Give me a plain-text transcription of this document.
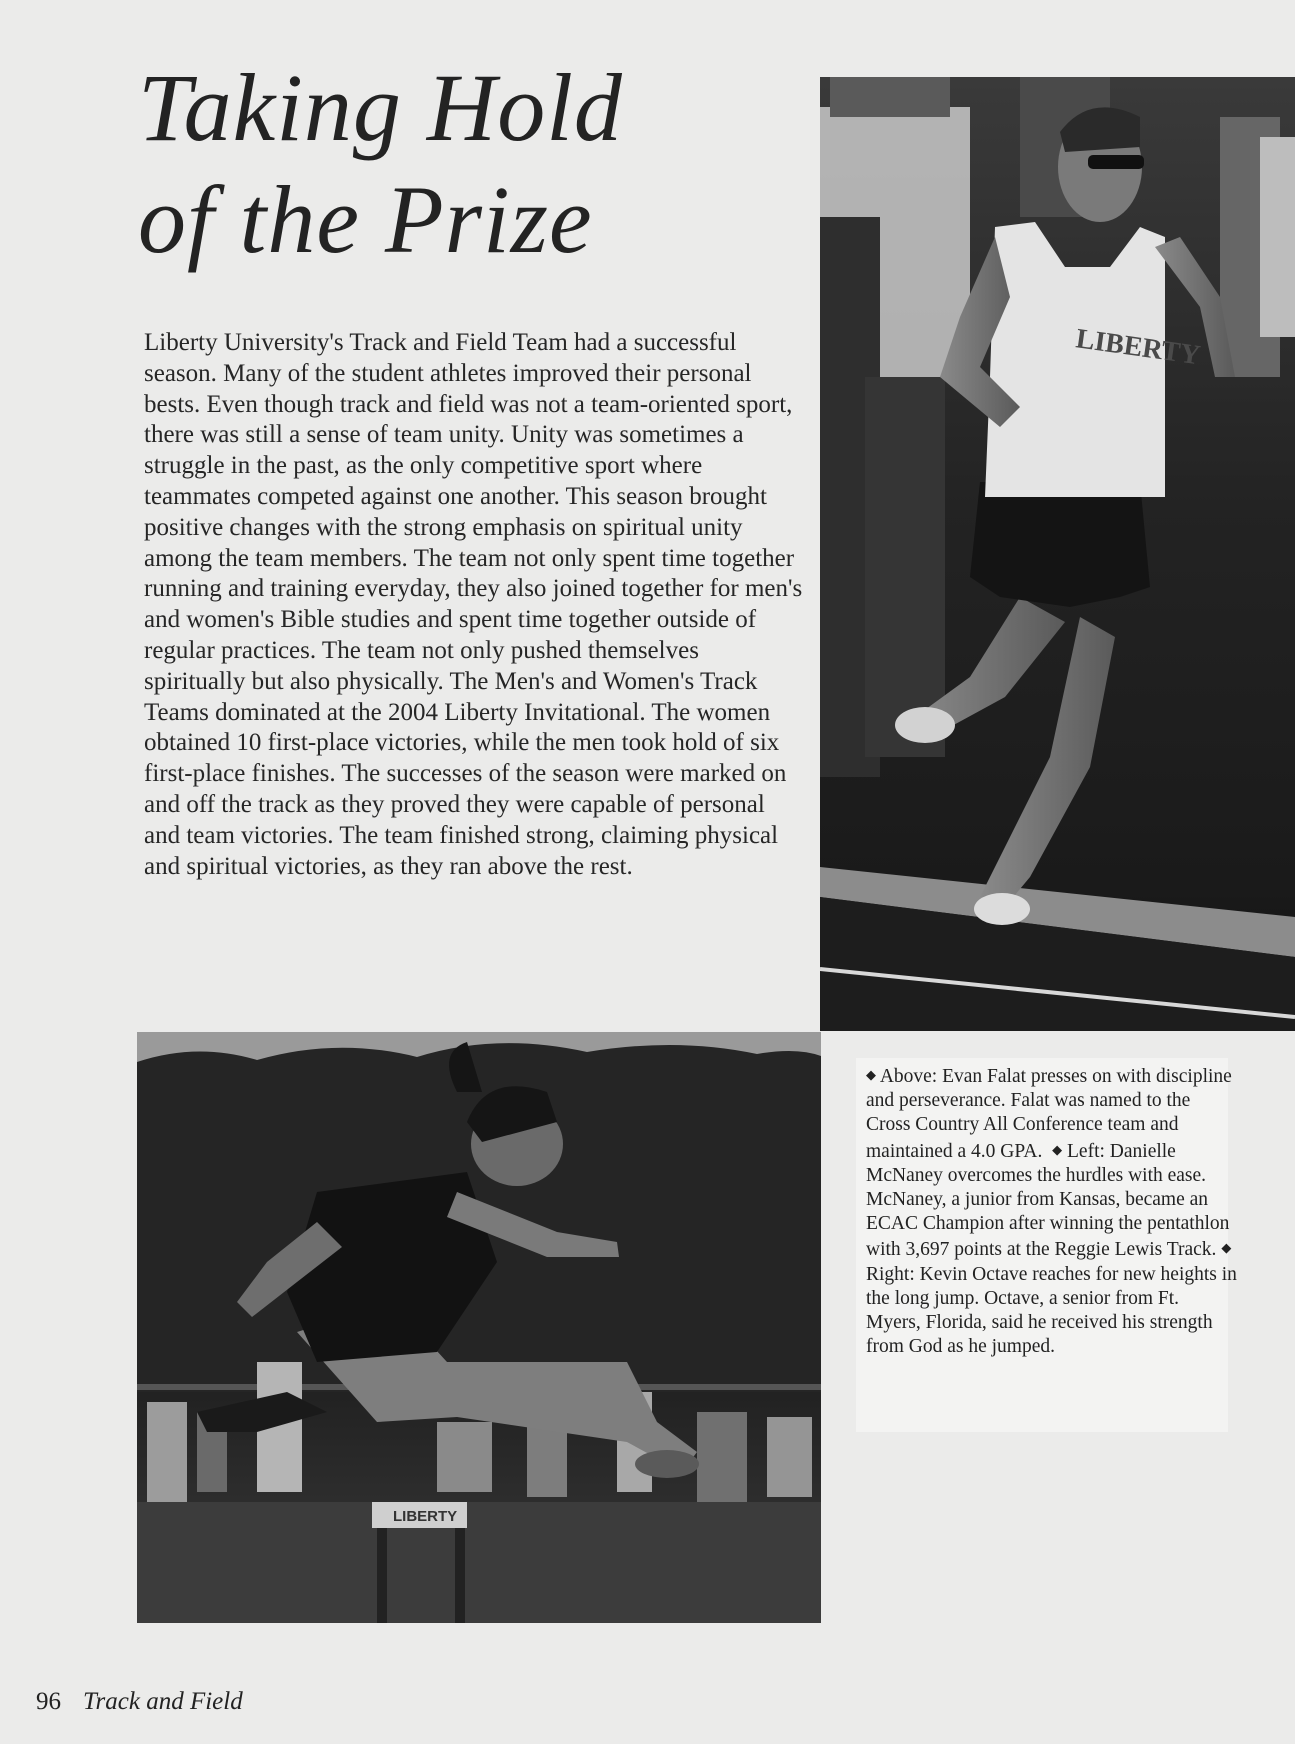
Taking Hold
of the Prize
Liberty University's Track and Field Team had a successful season. Many of the student athletes improved their personal bests. Even though track and field was not a team-oriented sport, there was still a sense of team unity. Unity was sometimes a struggle in the past, as the only competitive sport where teammates competed against one another. This season brought positive changes with the strong emphasis on spiritual unity among the team members. The team not only spent time together running and training everyday, they also joined together for men's and women's Bible studies and spent time together outside of regular practices. The team not only pushed themselves spiritually but also physically. The Men's and Women's Track Teams dominated at the 2004 Liberty Invitational. The women obtained 10 first-place victories, while the men took hold of six first-place finishes. The successes of the season were marked on and off the track as they proved they were capable of personal and team victories. The team finished strong, claiming physical and spiritual victories, as they ran above the rest.
LIBERTY
LIBERTY
◆ Above: Evan Falat presses on with discipline and perseverance. Falat was named to the Cross Country All Conference team and maintained a 4.0 GPA. ◆ Left: Danielle McNaney overcomes the hurdles with ease. McNaney, a junior from Kansas, became an ECAC Champion after winning the pentathlon with 3,697 points at the Reggie Lewis Track. ◆ Right: Kevin Octave reaches for new heights in the long jump. Octave, a senior from Ft. Myers, Florida, said he received his strength from God as he jumped.
96 Track and Field
